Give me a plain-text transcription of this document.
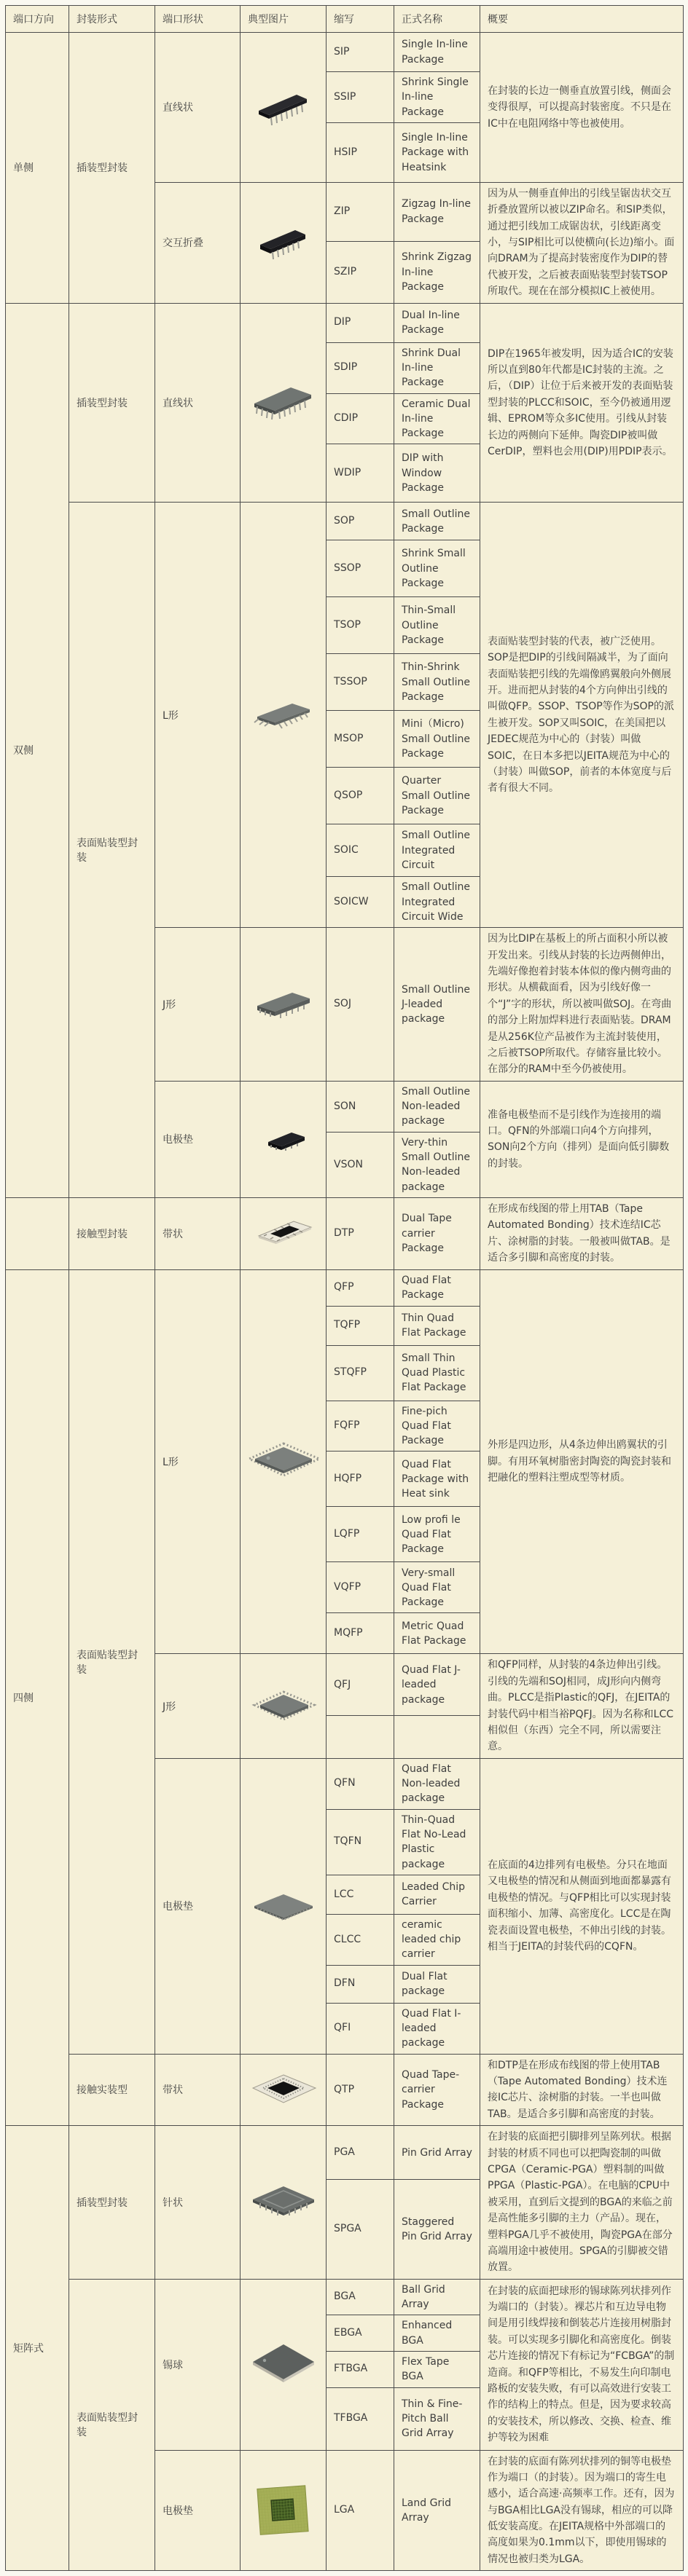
端口方向	封装形式	端口形状	典型图片	缩写	正式名称	概要
单侧	插装型封装	直线状		SIP	Single In-line Package	在封装的长边一侧垂直放置引线，侧面会变得很厚，可以提高封装密度。不只是在IC中在电阻网络中等也被使用。
				SSIP	Shrink Single In-line Package	
				HSIP	Single In-line Package with Heatsink	
		交互折叠		ZIP	Zigzag In-line Package	因为从一侧垂直伸出的引线呈锯齿状交互折叠放置所以被以ZIP命名。和SIP类似，通过把引线加工成锯齿状，引线距离变小，与SIP相比可以使横向(长边)缩小。面向DRAM为了提高封装密度作为DIP的替代被开发，之后被表面贴装型封装TSOP所取代。现在在部分模拟IC上被使用。
				SZIP	Shrink Zigzag In-line Package	
双侧	插装型封装	直线状		DIP	Dual In-line Package	DIP在1965年被发明，因为适合IC的安装所以直到80年代都是IC封装的主流。之后，（DIP）让位于后来被开发的表面贴装型封装的PLCC和SOIC，至今仍被通用逻辑、EPROM等众多IC使用。引线从封装长边的两侧向下延伸。陶瓷DIP被叫做CerDIP，塑料也会用(DIP)用PDIP表示。
				SDIP	Shrink Dual In-line Package	
				CDIP	Ceramic Dual In-line Package	
				WDIP	DIP with Window Package	
	表面贴装型封装	L形		SOP	Small Outline Package	表面贴装型封装的代表，被广泛使用。SOP是把DIP的引线间隔减半，为了面向表面贴装把引线的先端像鸥翼般向外侧展开。进而把从封装的4个方向伸出引线的叫做QFP。SSOP、TSOP等作为SOP的派生被开发。SOP又叫SOIC，在美国把以JEDEC规范为中心的（封装）叫做SOIC，在日本多把以JEITA规范为中心的（封装）叫做SOP，前者的本体宽度与后者有很大不同。
				SSOP	Shrink Small Outline Package	
				TSOP	Thin-Small Outline Package	
				TSSOP	Thin-Shrink Small Outline Package	
				MSOP	Mini（Micro) Small Outline Package	
				QSOP	Quarter Small Outline Package	
				SOIC	Small Outline Integrated Circuit	
				SOICW	Small Outline Integrated Circuit Wide	
		J形		SOJ	Small Outline J-leaded package	因为比DIP在基板上的所占面积小所以被开发出来。引线从封装的长边两侧伸出，先端好像抱着封装本体似的像内侧弯曲的形状。从横截面看，因为引线好像一个“J”字的形状，所以被叫做SOJ。在弯曲的部分上附加焊料进行表面贴装。DRAM是从256K位产品被作为主流封装使用，之后被TSOP所取代。存储容量比较小。在部分的RAM中至今仍被使用。
		电极垫		SON	Small Outline Non-leaded package	准备电极垫而不是引线作为连接用的端口。QFN的外部端口向4个方向排列，SON向2个方向（排列）是面向低引脚数的封装。
				VSON	Very-thin Small Outline Non-leaded package	
	接触型封装	带状		DTP	Dual Tape carrier Package	在形成布线图的带上用TAB（Tape Automated Bonding）技术连结IC芯片、涂树脂的封装。一般被叫做TAB。是适合多引脚和高密度的封装。
四侧	表面贴装型封装	L形		QFP	Quad Flat Package	外形是四边形，从4条边伸出鸥翼状的引脚。有用环氧树脂密封陶瓷的陶瓷封装和把融化的塑料注塑成型等材质。
				TQFP	Thin Quad Flat Package	
				STQFP	Small Thin Quad Plastic Flat Package	
				FQFP	Fine-pich Quad Flat Package	
				HQFP	Quad Flat Package with Heat sink	
				LQFP	Low profi le Quad Flat Package	
				VQFP	Very-small Quad Flat Package	
				MQFP	Metric Quad Flat Package	
		J形		QFJ	Quad Flat J-leaded package	和QFP同样，从封装的4条边伸出引线。引线的先端和SOJ相同，成J形向内侧弯曲。PLCC是指Plastic的QFJ，在JEITA的封装代码中相当裕PQFJ。因为名称和LCC相似但（东西）完全不同，所以需要注意。

		电极垫		QFN	Quad Flat Non-leaded package	在底面的4边排列有电极垫。分只在地面又电极垫的情况和从侧面到地面都暴露有电极垫的情况。与QFP相比可以实现封装面积缩小、加薄、高密度化。LCC是在陶瓷表面设置电极垫，不伸出引线的封装。相当于JEITA的封装代码的CQFN。
				TQFN	Thin-Quad Flat No-Lead Plastic package	
				LCC	Leaded Chip Carrier	
				CLCC	ceramic leaded chip carrier	
				DFN	Dual Flat package	
				QFI	Quad Flat I-leaded package	
	接触实装型	带状		QTP	Quad Tape-carrier Package	和DTP是在形成布线图的带上使用TAB（Tape Automated Bonding）技术连接IC芯片、涂树脂的封装。一半也叫做TAB。是适合多引脚和高密度的封装。
矩阵式	插装型封装	针状		PGA	Pin Grid Array	在封装的底面把引脚排列呈陈列状。根据封装的材质不同也可以把陶瓷制的叫做CPGA（Ceramic-PGA）塑料制的叫做PPGA（Plastic-PGA）。在电脑的CPU中被采用，直到后文提到的BGA的来临之前是高性能多引脚的主力（产品）。现在，塑料PGA几乎不被使用，陶瓷PGA在部分高端用途中被使用。SPGA的引脚被交错放置。
				SPGA	Staggered Pin Grid Array	
	表面贴装型封装	锡球		BGA	Ball Grid Array	在封装的底面把球形的锡球陈列状排列作为端口的（封装）。裸芯片和互边导电物间是用引线焊接和倒装芯片连接用树脂封装。可以实现多引脚化和高密度化。倒装芯片连接的情况下有标记为“FCBGA”的制造商。和QFP等相比，不易发生向印制电路板的安装失败，有可以高效进行安装工作的结构上的特点。但是，因为要求较高的安装技术，所以修改、交换、检查、维护等较为困难
				EBGA	Enhanced BGA	
				FTBGA	Flex Tape BGA	
				TFBGA	Thin & Fine-Pitch Ball Grid Array	
		电极垫		LGA	Land Grid Array	在封装的底面有陈列状排列的铜等电极垫作为端口（的封装）。因为端口的寄生电感小，适合高速·高频率工作。还有，因为与BGA相比LGA没有锡球，相应的可以降低安装高度。在JEITA规格中外部端口的高度如果为0.1mm以下，即使用锡球的情况也被归类为LGA。
